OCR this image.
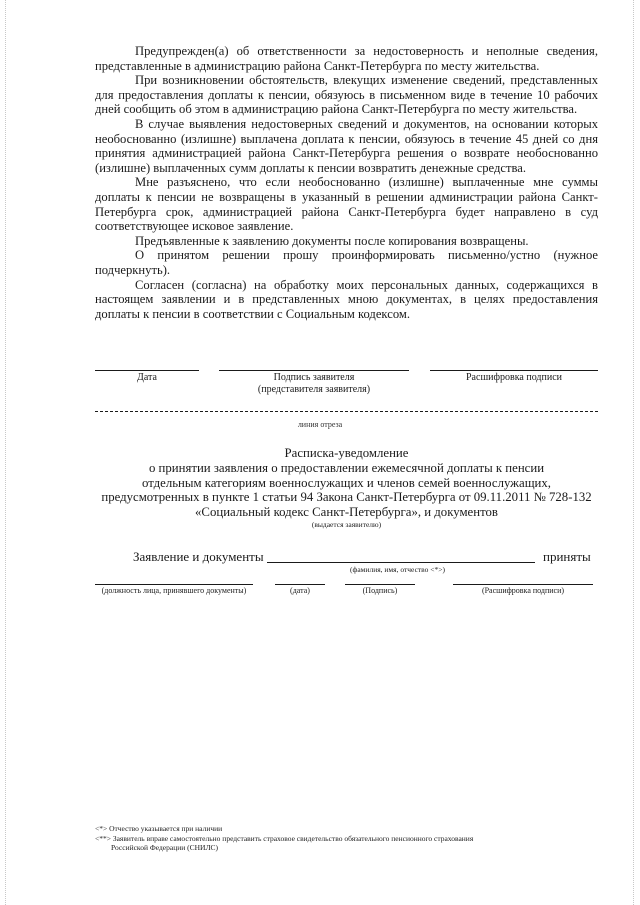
Предупрежден(а) об ответственности за недостоверность и неполные сведения, представленные в администрацию района Санкт-Петербурга по месту жительства.

При возникновении обстоятельств, влекущих изменение сведений, представленных для предоставления доплаты к пенсии, обязуюсь в письменном виде в течение 10 рабочих дней сообщить об этом в администрацию района Санкт-Петербурга по месту жительства.

В случае выявления недостоверных сведений и документов, на основании которых необоснованно (излишне) выплачена доплата к пенсии, обязуюсь в течение 45 дней со дня принятия администрацией района Санкт-Петербурга решения о возврате необоснованно (излишне) выплаченных сумм доплаты к пенсии возвратить денежные средства.

Мне разъяснено, что если необоснованно (излишне) выплаченные мне суммы доплаты к пенсии не возвращены в указанный в решении администрации района Санкт-Петербурга срок, администрацией района Санкт-Петербурга будет направлено в суд соответствующее исковое заявление.

Предъявленные к заявлению документы после копирования возвращены.

О принятом решении прошу проинформировать письменно/устно (нужное подчеркнуть).

Согласен (согласна) на обработку моих персональных данных, содержащихся в настоящем заявлении и в представленных мною документах, в целях предоставления доплаты к пенсии в соответствии с Социальным кодексом.

Дата	Подпись заявителя
(представителя заявителя)
Расшифровка подписи
линия отреза
Расписка-уведомление
о принятии заявления о предоставлении ежемесячной доплаты к пенсии
отдельным категориям военнослужащих и членов семей военнослужащих,
предусмотренных в пункте 1 статьи 94 Закона Санкт-Петербурга от 09.11.2011 № 728-132
«Социальный кодекс Санкт-Петербурга», и документов
(выдается заявителю)
Заявление и документы	приняты
(фамилия, имя, отчество <*>)
(должность лица, принявшего документы)	(дата)	(Подпись)	(Расшифровка подписи)

<*> Отчество указывается при наличии

<**> Заявитель вправе самостоятельно представить страховое свидетельство обязательного пенсионного страхования

Российской Федерации (СНИЛС)
